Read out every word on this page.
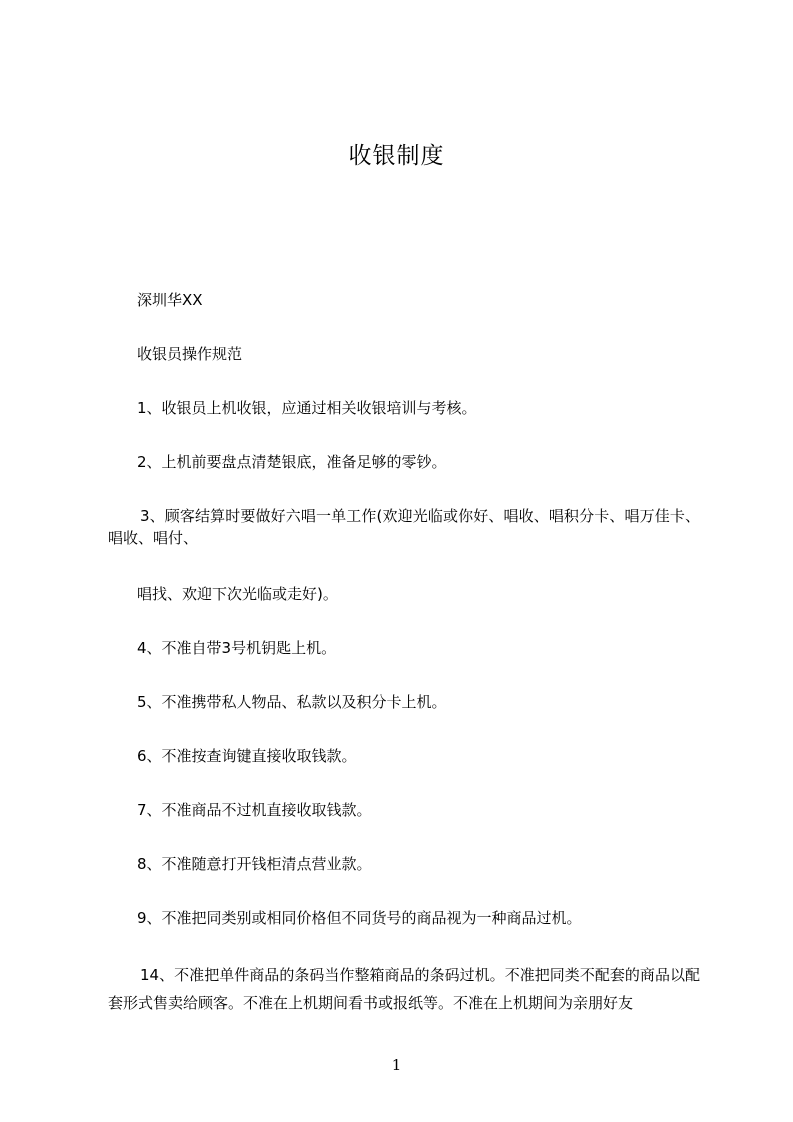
收银制度

深圳华XX

收银员操作规范

1、收银员上机收银，应通过相关收银培训与考核。

2、上机前要盘点清楚银底，准备足够的零钞。

3、顾客结算时要做好六唱一单工作(欢迎光临或你好、唱收、唱积分卡、唱万佳卡、唱收、唱付、

唱找、欢迎下次光临或走好)。

4、不准自带3号机钥匙上机。

5、不准携带私人物品、私款以及积分卡上机。

6、不准按查询键直接收取钱款。

7、不准商品不过机直接收取钱款。

8、不准随意打开钱柜清点营业款。

9、不准把同类别或相同价格但不同货号的商品视为一种商品过机。

14、不准把单件商品的条码当作整箱商品的条码过机。不准把同类不配套的商品以配套形式售卖给顾客。不准在上机期间看书或报纸等。不准在上机期间为亲朋好友

1
